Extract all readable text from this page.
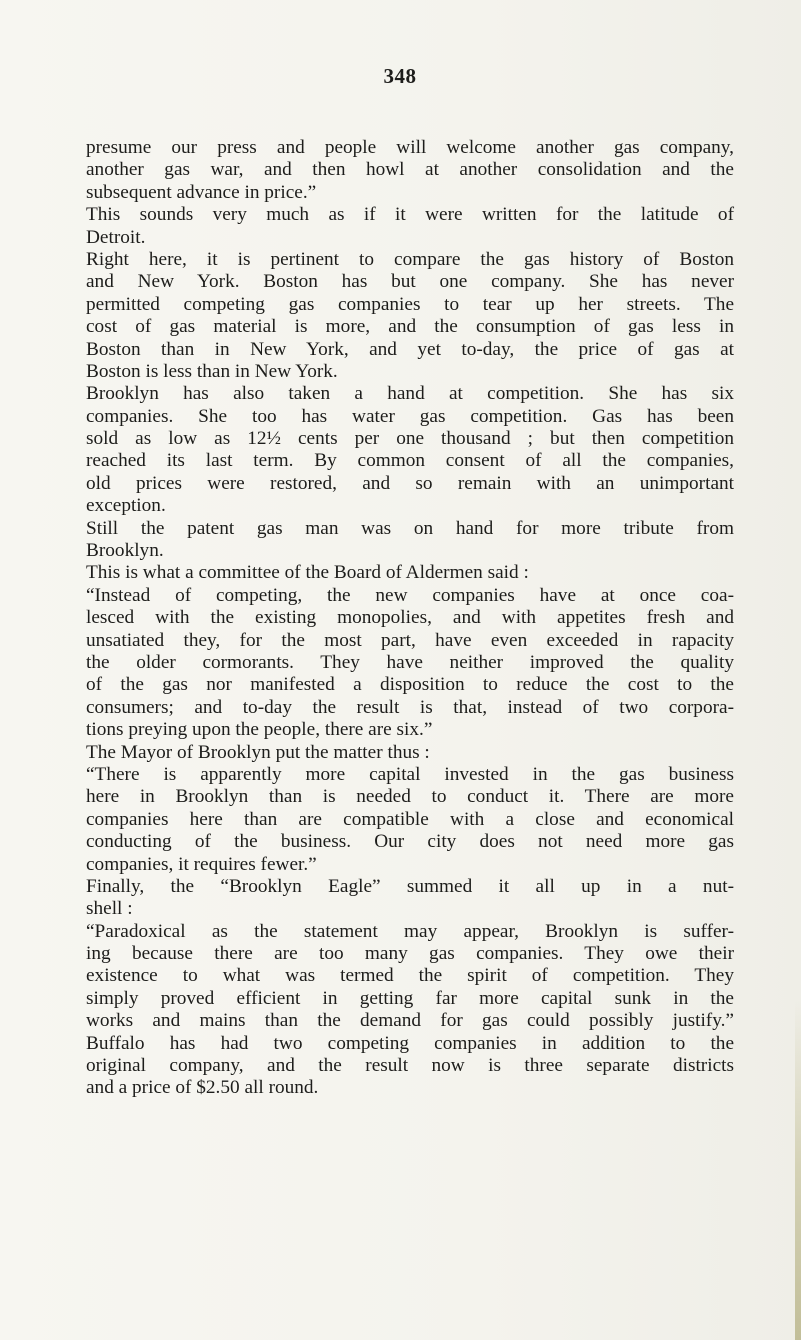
348
presume our press and people will welcome another gas company,
another gas war, and then howl at another consolidation and the
subsequent advance in price.”
This sounds very much as if it were written for the latitude of
Detroit.
Right here, it is pertinent to compare the gas history of Boston
and New York. Boston has but one company. She has never
permitted competing gas companies to tear up her streets. The
cost of gas material is more, and the consumption of gas less in
Boston than in New York, and yet to-day, the price of gas at
Boston is less than in New York.
Brooklyn has also taken a hand at competition. She has six
companies. She too has water gas competition. Gas has been
sold as low as 12½ cents per one thousand ; but then competition
reached its last term. By common consent of all the companies,
old prices were restored, and so remain with an unimportant
exception.
Still the patent gas man was on hand for more tribute from
Brooklyn.
This is what a committee of the Board of Aldermen said :
“Instead of competing, the new companies have at once coa-
lesced with the existing monopolies, and with appetites fresh and
unsatiated they, for the most part, have even exceeded in rapacity
the older cormorants. They have neither improved the quality
of the gas nor manifested a disposition to reduce the cost to the
consumers; and to-day the result is that, instead of two corpora-
tions preying upon the people, there are six.”
The Mayor of Brooklyn put the matter thus :
“There is apparently more capital invested in the gas business
here in Brooklyn than is needed to conduct it. There are more
companies here than are compatible with a close and economical
conducting of the business. Our city does not need more gas
companies, it requires fewer.”
Finally, the “Brooklyn Eagle” summed it all up in a nut-
shell :
“Paradoxical as the statement may appear, Brooklyn is suffer-
ing because there are too many gas companies. They owe their
existence to what was termed the spirit of competition. They
simply proved efficient in getting far more capital sunk in the
works and mains than the demand for gas could possibly justify.”
Buffalo has had two competing companies in addition to the
original company, and the result now is three separate districts
and a price of $2.50 all round.
